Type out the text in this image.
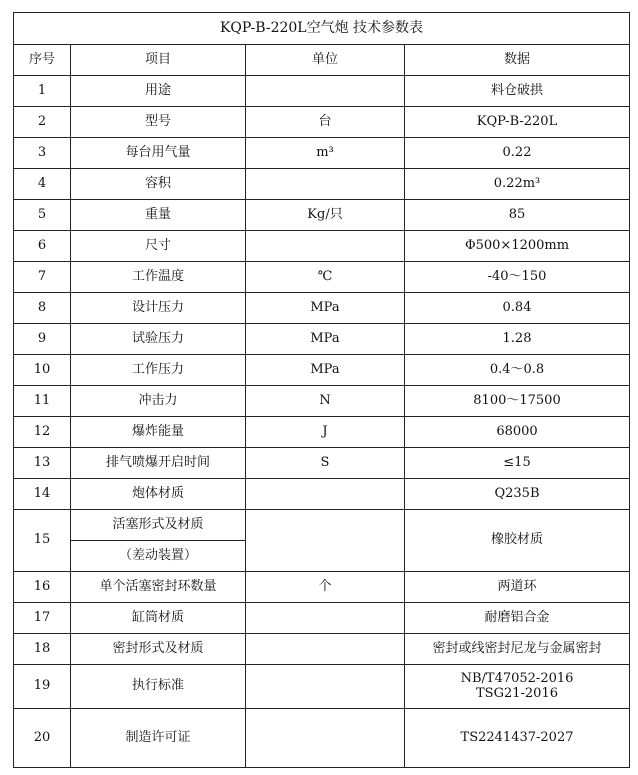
KQP-B-220L空气炮 技术参数表			
序号	项目	单位	数据
1	用途		料仓破拱
2	型号	台	KQP-B-220L
3	每台用气量	m³	0.22
4	容积		0.22m³
5	重量	Kg/只	85
6	尺寸		Φ500×1200mm
7	工作温度	℃	-40～150
8	设计压力	MPa	0.84
9	试验压力	MPa	1.28
10	工作压力	MPa	0.4～0.8
11	冲击力	N	8100～17500
12	爆炸能量	J	68000
13	排气喷爆开启时间	S	≤15
14	炮体材质		Q235B
15	活塞形式及材质		橡胶材质
	（差动装置）		
16	单个活塞密封环数量	个	两道环
17	缸筒材质		耐磨铝合金
18	密封形式及材质		密封或线密封尼龙与金属密封
19	执行标准		NB/T47052-2016
TSG21-2016

20	制造许可证		TS2241437-2027
